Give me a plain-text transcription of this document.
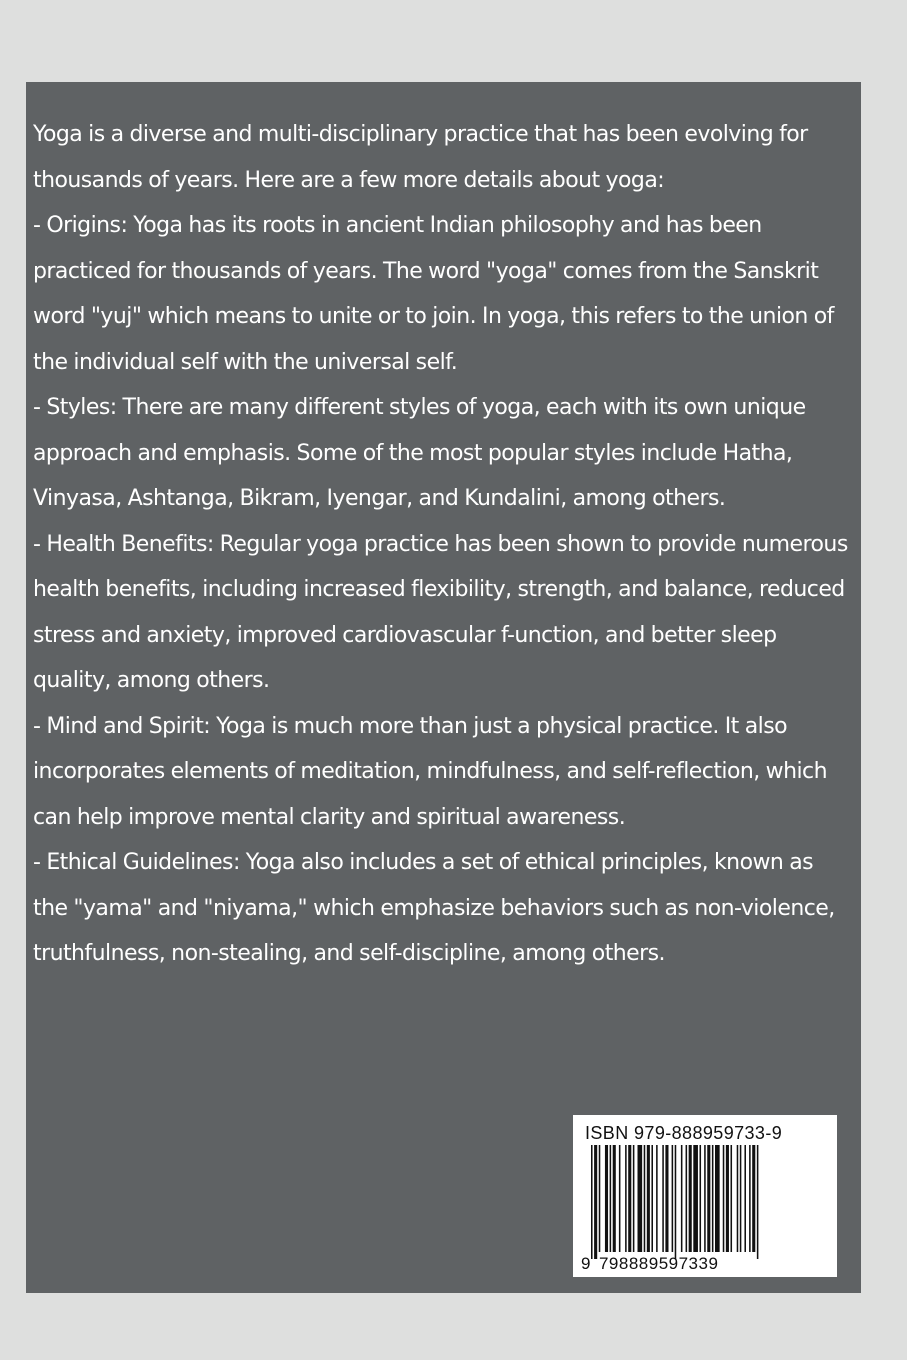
Yoga is a diverse and multi-disciplinary practice that has been evolving for thousands of years. Here are a few more details about yoga:

- Origins: Yoga has its roots in ancient Indian philosophy and has been practiced for thousands of years. The word "yoga" comes from the Sanskrit word "yuj" which means to unite or to join. In yoga, this refers to the union of the individual self with the universal self.

- Styles: There are many different styles of yoga, each with its own unique approach and emphasis. Some of the most popular styles include Hatha, Vinyasa, Ashtanga, Bikram, Iyengar, and Kundalini, among others.

- Health Benefits: Regular yoga practice has been shown to provide numerous health benefits, including increased flexibility, strength, and balance, reduced stress and anxiety, improved cardiovascular f-unction, and better sleep quality, among others.

- Mind and Spirit: Yoga is much more than just a physical practice. It also incorporates elements of meditation, mindfulness, and self-reflection, which can help improve mental clarity and spiritual awareness.

- Ethical Guidelines: Yoga also includes a set of ethical principles, known as the "yama" and "niyama," which emphasize behaviors such as non-violence, truthfulness, non-stealing, and self-discipline, among others.

ISBN 979-888959733-9
9 798889597339
